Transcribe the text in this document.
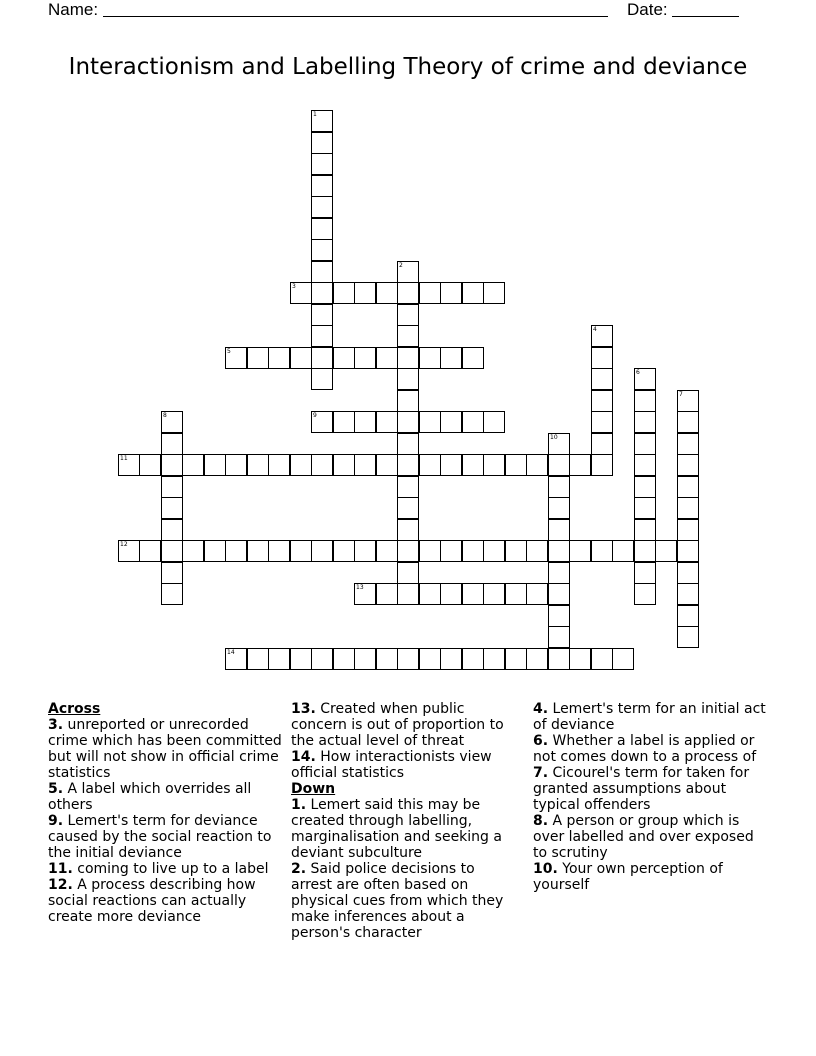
Name:	Date:
Interactionism and Labelling Theory of crime and deviance
1
2
3
4
5
6
7
8	9
10
11
12
13
14
Across
3. unreported or unrecorded crime which has been committed but will not show in official crime statistics
5. A label which overrides all others
9. Lemert's term for deviance caused by the social reaction to the initial deviance
11. coming to live up to a label
12. A process describing how social reactions can actually create more deviance
13. Created when public concern is out of proportion to the actual level of threat
14. How interactionists view official statistics
Down
1. Lemert said this may be created through labelling, marginalisation and seeking a deviant subculture
2. Said police decisions to arrest are often based on physical cues from which they make inferences about a person's character
4. Lemert's term for an initial act of deviance
6. Whether a label is applied or not comes down to a process of
7. Cicourel's term for taken for granted assumptions about typical offenders
8. A person or group which is over labelled and over exposed to scrutiny
10. Your own perception of yourself
